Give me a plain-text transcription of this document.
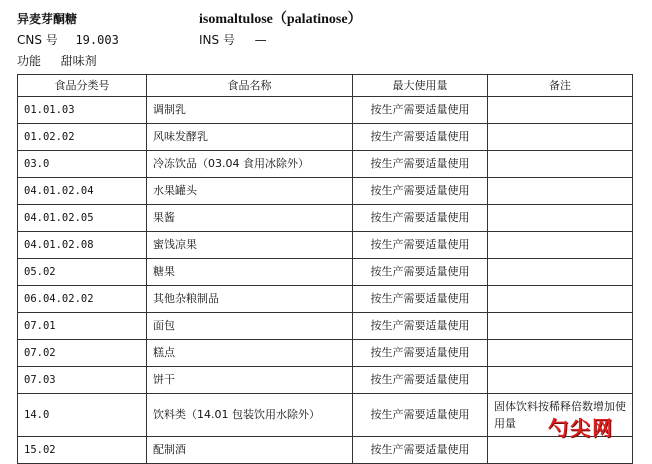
异麦芽酮糖	isomaltulose（palatinose）
CNS 号 19.003	INS 号 —
功能 甜味剂
食品分类号	食品名称	最大使用量	备注
01.01.03	调制乳	按生产需要适量使用	
01.02.02	风味发酵乳	按生产需要适量使用	
03.0	冷冻饮品（03.04 食用冰除外）	按生产需要适量使用	
04.01.02.04	水果罐头	按生产需要适量使用	
04.01.02.05	果酱	按生产需要适量使用	
04.01.02.08	蜜饯凉果	按生产需要适量使用	
05.02	糖果	按生产需要适量使用	
06.04.02.02	其他杂粮制品	按生产需要适量使用	
07.01	面包	按生产需要适量使用	
07.02	糕点	按生产需要适量使用	
07.03	饼干	按生产需要适量使用	
14.0	饮料类（14.01 包装饮用水除外）	按生产需要适量使用	固体饮料按稀释倍数增加使用量
15.02	配制酒	按生产需要适量使用	
勺尖网
